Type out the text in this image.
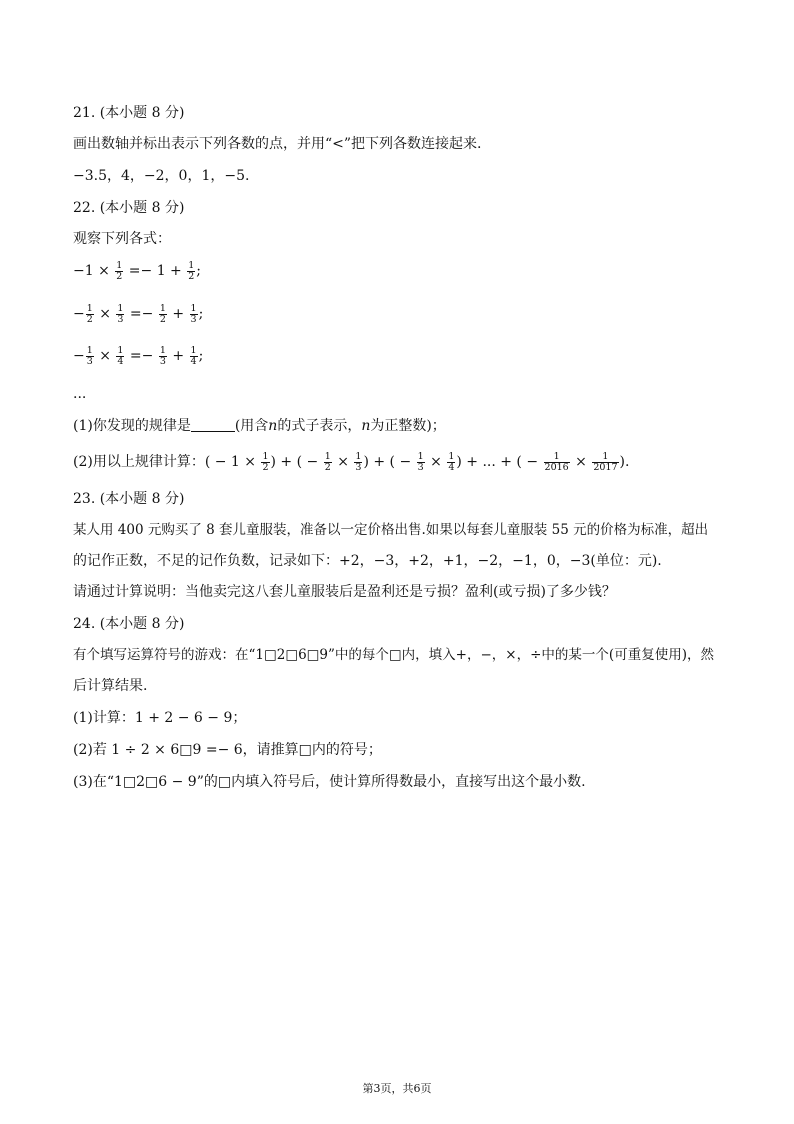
21. (本小题 8 分)
画出数轴并标出表示下列各数的点，并用“<”把下列各数连接起来.
−3.5，4，−2，0，1，−5.
22. (本小题 8 分)
观察下列各式：
$-1 \times \frac{1}{2} =- 1 + \frac{1}{2}$ ;
− $\frac{1}{2} \times \frac{1}{3} =- \frac{1}{2} + \frac{1}{3}$ ;
− $\frac{1}{3} \times \frac{1}{4} =- \frac{1}{3} + \frac{1}{4}$ ;
...
(1)你发现的规律是	(用含𝑛的式子表示，𝑛为正整数)；
(2)用以上规律计算：( − $1 \times \frac{1}{2}$ ) + ( − $\frac{1}{2} \times \frac{1}{3}$ ) + ( − $\frac{1}{3} \times \frac{1}{4}$ ) + ... + ( − $\frac{1}{2016} \times \frac{1}{2017}$ ).
23. (本小题 8 分)
某人用 400 元购买了 8 套儿童服装，准备以一定价格出售.如果以每套儿童服装 55 元的价格为标准，超出
的记作正数，不足的记作负数，记录如下：+2，−3，+2，+1，−2，−1，0，−3(单位：元).
请通过计算说明：当他卖完这八套儿童服装后是盈利还是亏损？盈利(或亏损)了多少钱？
24. (本小题 8 分)
有个填写运算符号的游戏：在“1□2□6□9”中的每个□内，填入+，−，×，÷中的某一个(可重复使用)，然
后计算结果.
(1)计算：1 + 2 − 6 − 9；
(2)若 1 ÷ 2 × 6□9 =− 6，请推算□内的符号；
(3)在“1□2□6 − 9”的□内填入符号后，使计算所得数最小，直接写出这个最小数.
第3页，共6页
